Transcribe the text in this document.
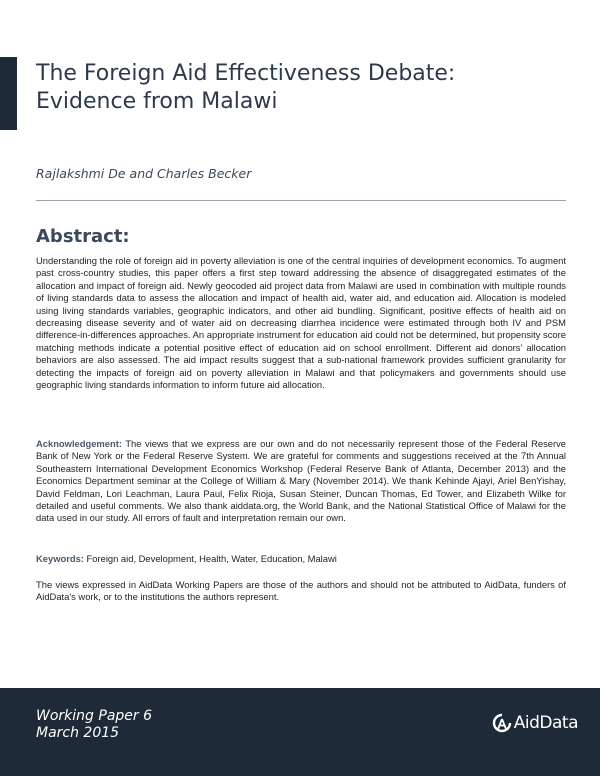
The Foreign Aid Effectiveness Debate:
Evidence from Malawi
Rajlakshmi De and Charles Becker
Abstract:

Understanding the role of foreign aid in poverty alleviation is one of the central inquiries of development economics. To augment past cross-country studies, this paper offers a first step toward addressing the absence of disaggregated estimates of the allocation and impact of foreign aid. Newly geocoded aid project data from Malawi are used in combination with multiple rounds of living standards data to assess the allocation and impact of health aid, water aid, and education aid. Allocation is modeled using living standards variables, geographic indicators, and other aid bundling. Significant, positive effects of health aid on decreasing disease severity and of water aid on decreasing diarrhea incidence were estimated through both IV and PSM difference-in-differences approaches. An appropriate instrument for education aid could not be determined, but propensity score matching methods indicate a potential positive effect of education aid on school enrollment. Different aid donors' allocation behaviors are also assessed. The aid impact results suggest that a sub-national framework provides sufficient granularity for detecting the impacts of foreign aid on poverty alleviation in Malawi and that policymakers and governments should use geographic living standards information to inform future aid allocation.

Acknowledgement: The views that we express are our own and do not necessarily represent those of the Federal Reserve Bank of New York or the Federal Reserve System. We are grateful for comments and suggestions received at the 7th Annual Southeastern International Development Economics Workshop (Federal Reserve Bank of Atlanta, December 2013) and the Economics Department seminar at the College of William & Mary (November 2014). We thank Kehinde Ajayi, Ariel BenYishay, David Feldman, Lori Leachman, Laura Paul, Felix Rioja, Susan Steiner, Duncan Thomas, Ed Tower, and Elizabeth Wilke for detailed and useful comments. We also thank aiddata.org, the World Bank, and the National Statistical Office of Malawi for the data used in our study. All errors of fault and interpretation remain our own.

Keywords: Foreign aid, Development, Health, Water, Education, Malawi

The views expressed in AidData Working Papers are those of the authors and should not be attributed to AidData, funders of AidData's work, or to the institutions the authors represent.

Working Paper 6
March 2015	AidData
